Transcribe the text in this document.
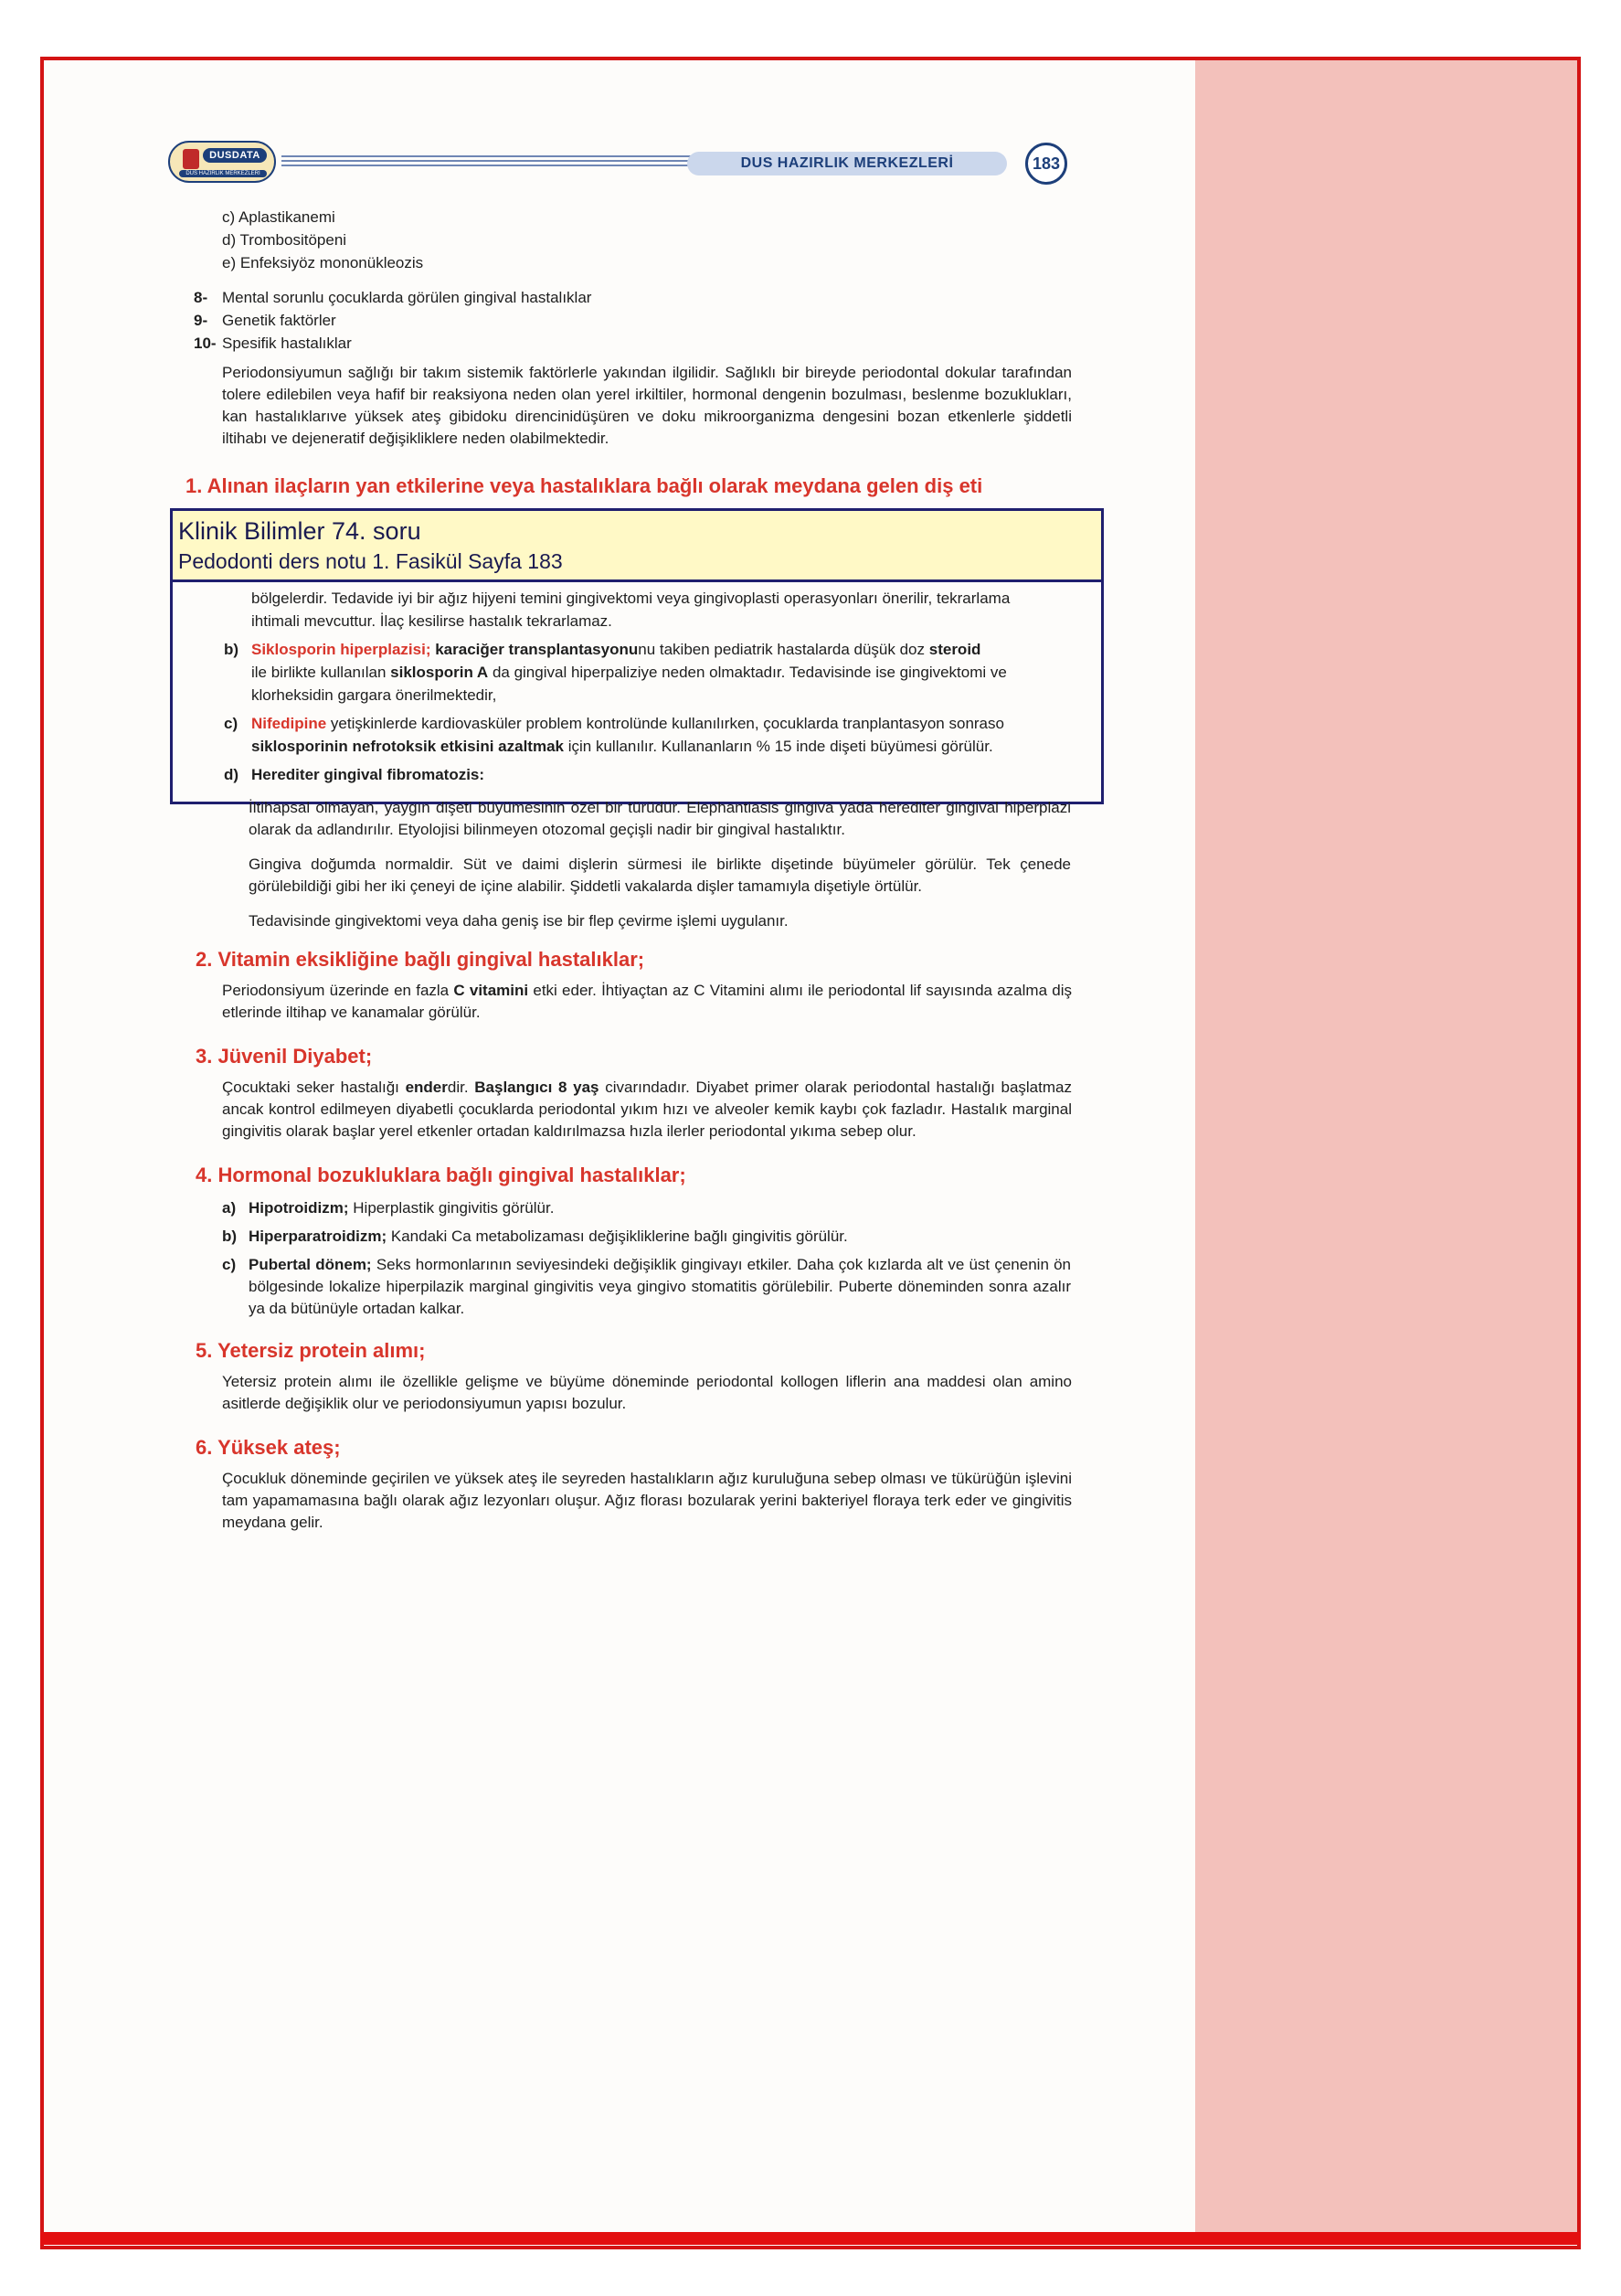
DUSDATA
DUS HAZIRLIK MERKEZLERİ
DUS HAZIRLIK MERKEZLERİ	183
c) Aplastikanemi
d) Trombositöpeni
e) Enfeksiyöz mononükleozis
8- Mental sorunlu çocuklarda görülen gingival hastalıklar
9- Genetik faktörler
10- Spesifik hastalıklar
Periodonsiyumun sağlığı bir takım sistemik faktörlerle yakından ilgilidir. Sağlıklı bir bireyde periodontal dokular tarafından tolere edilebilen veya hafif bir reaksiyona neden olan yerel irkiltiler, hormonal dengenin bozulması, beslenme bozuklukları, kan hastalıklarıve yüksek ateş gibidoku direncinidüşüren ve doku mikroorganizma dengesini bozan etkenlerle şiddetli iltihabı ve dejeneratif değişikliklere neden olabilmektedir.
1. Alınan ilaçların yan etkilerine veya hastalıklara bağlı olarak meydana gelen diş eti
Klinik Bilimler 74. soru
Pedodonti ders notu 1. Fasikül Sayfa 183
bölgelerdir. Tedavide iyi bir ağız hijyeni temini gingivektomi veya gingivoplasti operasyonları önerilir, tekrarlama
ihtimali mevcuttur. İlaç kesilirse hastalık tekrarlamaz.
b) Siklosporin hiperplazisi; karaciğer transplantasyonunu takiben pediatrik hastalarda düşük doz steroid
ile birlikte kullanılan siklosporin A da gingival hiperpaliziye neden olmaktadır. Tedavisinde ise gingivektomi ve
klorheksidin gargara önerilmektedir,
c) Nifedipine yetişkinlerde kardiovasküler problem kontrolünde kullanılırken, çocuklarda tranplantasyon sonraso
siklosporinin nefrotoksik etkisini azaltmak için kullanılır. Kullananların % 15 inde dişeti büyümesi görülür.
d) Herediter gingival fibromatozis:
İltihapsal olmayan, yaygın dişeti büyümesinin özel bir türüdür. Elephantiasis gingiva yada herediter gingival hiperplazi olarak da adlandırılır. Etyolojisi bilinmeyen otozomal geçişli nadir bir gingival hastalıktır.
Gingiva doğumda normaldir. Süt ve daimi dişlerin sürmesi ile birlikte dişetinde büyümeler görülür. Tek çenede görülebildiği gibi her iki çeneyi de içine alabilir. Şiddetli vakalarda dişler tamamıyla dişetiyle örtülür.
Tedavisinde gingivektomi veya daha geniş ise bir flep çevirme işlemi uygulanır.
2. Vitamin eksikliğine bağlı gingival hastalıklar;
Periodonsiyum üzerinde en fazla C vitamini etki eder. İhtiyaçtan az C Vitamini alımı ile periodontal lif sayısında azalma diş etlerinde iltihap ve kanamalar görülür.
3. Jüvenil Diyabet;
Çocuktaki seker hastalığı enderdir. Başlangıcı 8 yaş civarındadır. Diyabet primer olarak periodontal hastalığı başlatmaz ancak kontrol edilmeyen diyabetli çocuklarda periodontal yıkım hızı ve alveoler kemik kaybı çok fazladır. Hastalık marginal gingivitis olarak başlar yerel etkenler ortadan kaldırılmazsa hızla ilerler periodontal yıkıma sebep olur.
4. Hormonal bozukluklara bağlı gingival hastalıklar;
a) Hipotroidizm; Hiperplastik gingivitis görülür.
b) Hiperparatroidizm; Kandaki Ca metabolizaması değişikliklerine bağlı gingivitis görülür.
c) Pubertal dönem; Seks hormonlarının seviyesindeki değişiklik gingivayı etkiler. Daha çok kızlarda alt ve üst çenenin ön bölgesinde lokalize hiperpilazik marginal gingivitis veya gingivo stomatitis görülebilir. Puberte döneminden sonra azalır ya da bütünüyle ortadan kalkar.
5. Yetersiz protein alımı;
Yetersiz protein alımı ile özellikle gelişme ve büyüme döneminde periodontal kollogen liflerin ana maddesi olan amino asitlerde değişiklik olur ve periodonsiyumun yapısı bozulur.
6. Yüksek ateş;
Çocukluk döneminde geçirilen ve yüksek ateş ile seyreden hastalıkların ağız kuruluğuna sebep olması ve tükürüğün işlevini tam yapamamasına bağlı olarak ağız lezyonları oluşur. Ağız florası bozularak yerini bakteriyel floraya terk eder ve gingivitis meydana gelir.
